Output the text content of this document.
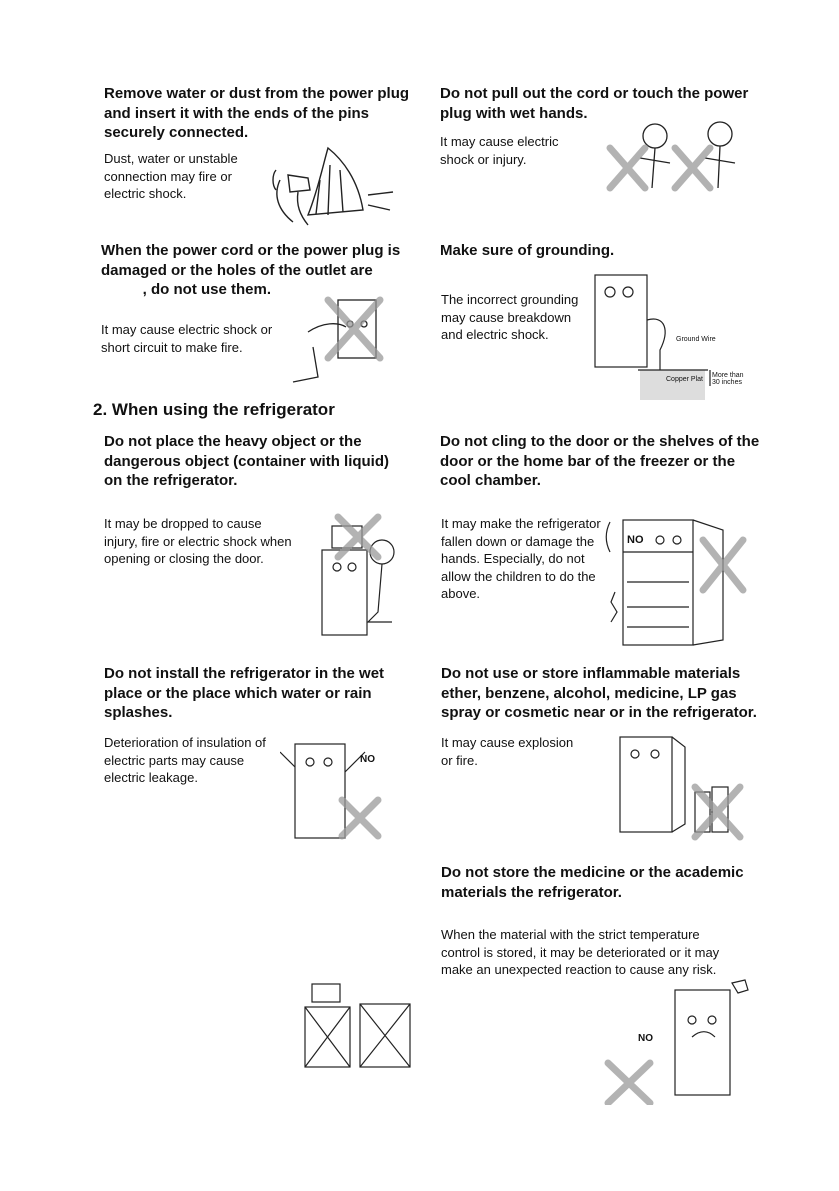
Remove water or dust from the power plug
and insert it with the ends of the pins
securely connected.

Dust, water or unstable
connection may fire or
electric shock.

Do not pull out the cord or touch the power
plug with wet hands.

It may cause electric
shock or injury.

When the power cord or the power plug is
damaged or the holes of the outlet are
, do not use them.

It may cause electric shock or
short circuit to make fire.

Make sure of grounding.

The incorrect grounding
may cause breakdown
and electric shock.	Ground Wire
Copper Plat
More than 30 inches
2. When using the refrigerator

Do not place the heavy object or the
dangerous object (container with liquid)
on the refrigerator.

It may be dropped to cause
injury, fire or electric shock when
opening or closing the door.

Do not cling to the door or the shelves of the
door or the home bar of the freezer or the
cool chamber.

It may make the refrigerator
fallen down or damage the
hands. Especially, do not
allow the children to do the
above.

NO

Do not install the refrigerator in the wet
place or the place which water or rain
splashes.

Deterioration of insulation of
electric parts may cause
electric leakage.

NO

Do not use or store inflammable materials
ether, benzene, alcohol, medicine, LP gas
spray or cosmetic near or in the refrigerator.

It may cause explosion
or fire.

Do not store the medicine or the academic
materials the refrigerator.

When the material with the strict temperature
control is stored, it may be deteriorated or it may
make an unexpected reaction to cause any risk.

NO
